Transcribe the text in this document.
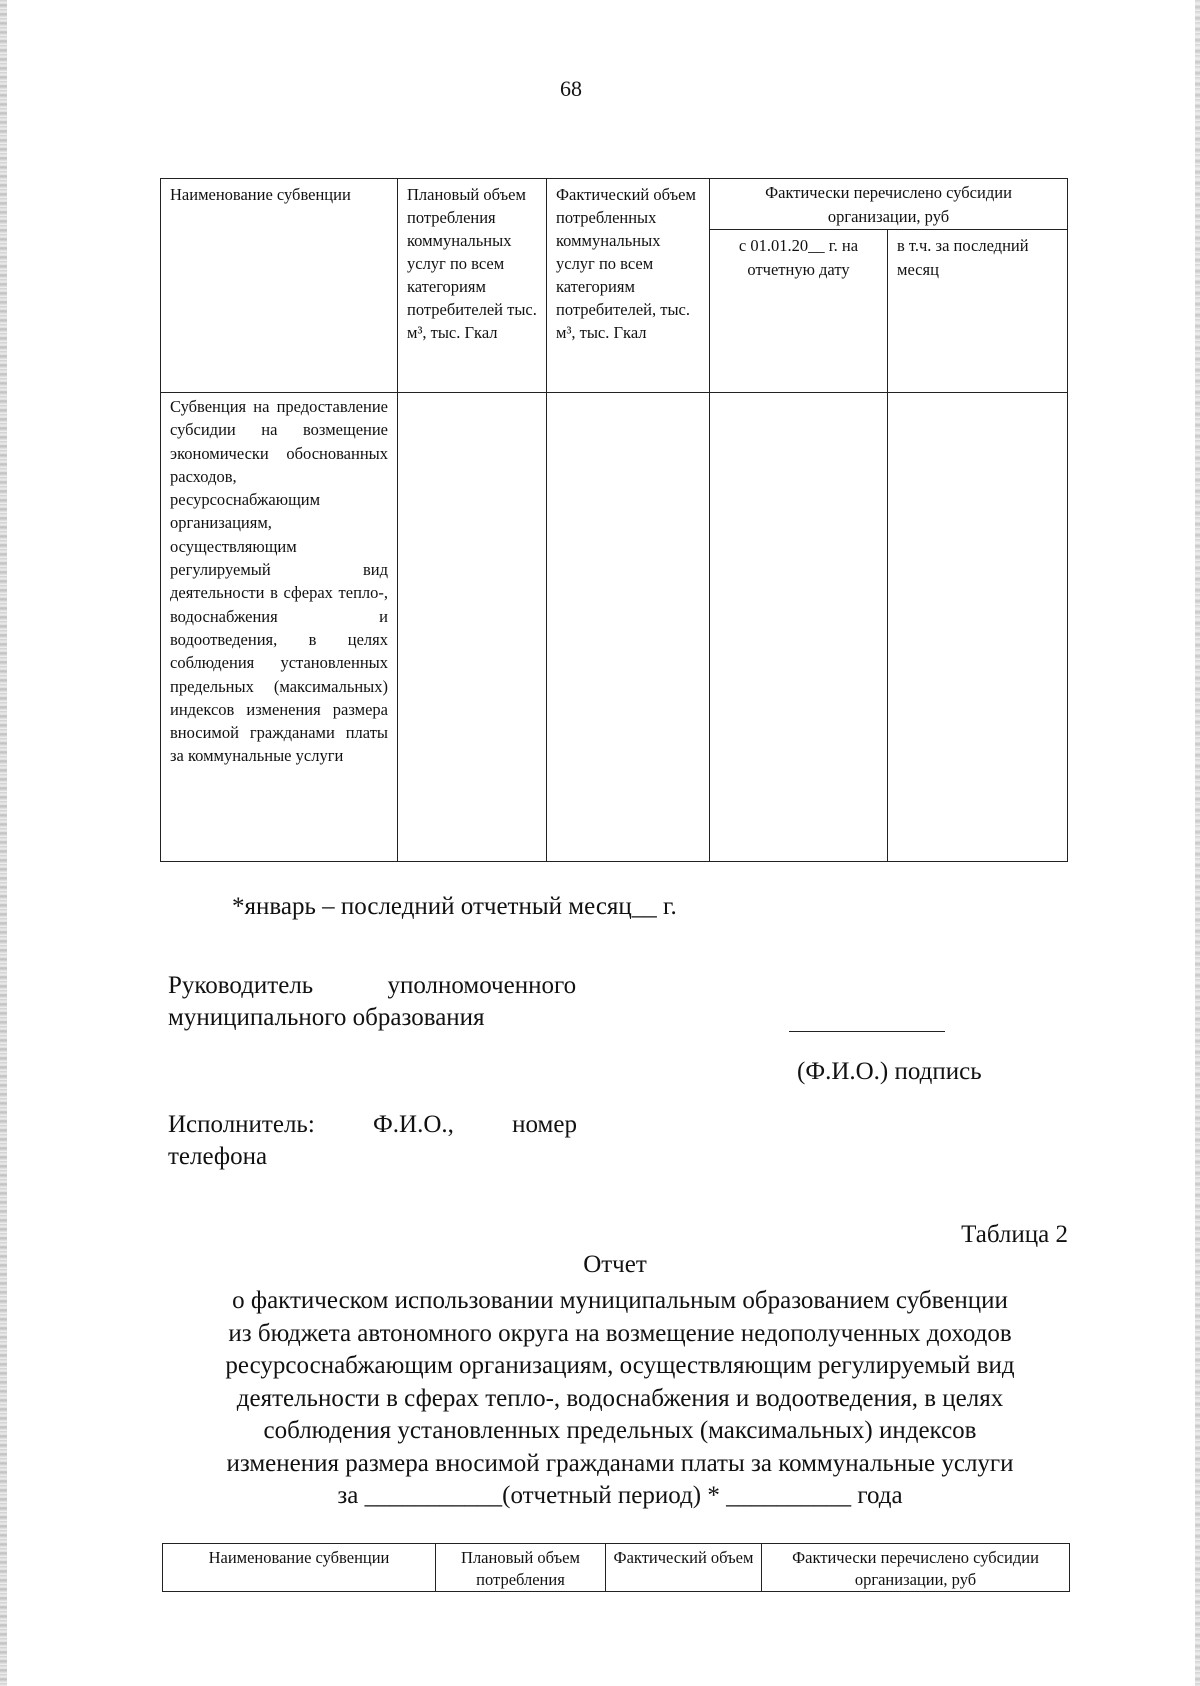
68
Наименование субвенции	Плановый объем потребления коммунальных услуг по всем категориям потребителей тыс. м³, тыс. Гкал	Фактический объем потребленных коммунальных услуг по всем категориям потребителей, тыс. м³, тыс. Гкал	Фактически перечислено субсидии организации, руб	
			с 01.01.20__ г. на отчетную дату	в т.ч. за последний месяц
Субвенция на предоставление субсидии на возмещение экономически обоснованных расходов, ресурсоснабжающим организациям, осуществляющим регулируемый вид деятельности в сферах тепло-, водоснабжения и водоотведения, в целях соблюдения установленных предельных (максимальных) индексов изменения размера вносимой гражданами платы за коммунальные услуги				
*январь – последний отчетный месяц__ г.
Руководитель уполномоченного
муниципального образования
(Ф.И.О.) подпись
Исполнитель: Ф.И.О., номер
телефона
Таблица 2
Отчет
о фактическом использовании муниципальным образованием субвенции
из бюджета автономного округа на возмещение недополученных доходов
ресурсоснабжающим организациям, осуществляющим регулируемый вид
деятельности в сферах тепло-, водоснабжения и водоотведения, в целях
соблюдения установленных предельных (максимальных) индексов
изменения размера вносимой гражданами платы за коммунальные услуги
за ___________(отчетный период) * __________ года
Наименование субвенции	Плановый объем потребления	Фактический объем	Фактически перечислено субсидии организации, руб
